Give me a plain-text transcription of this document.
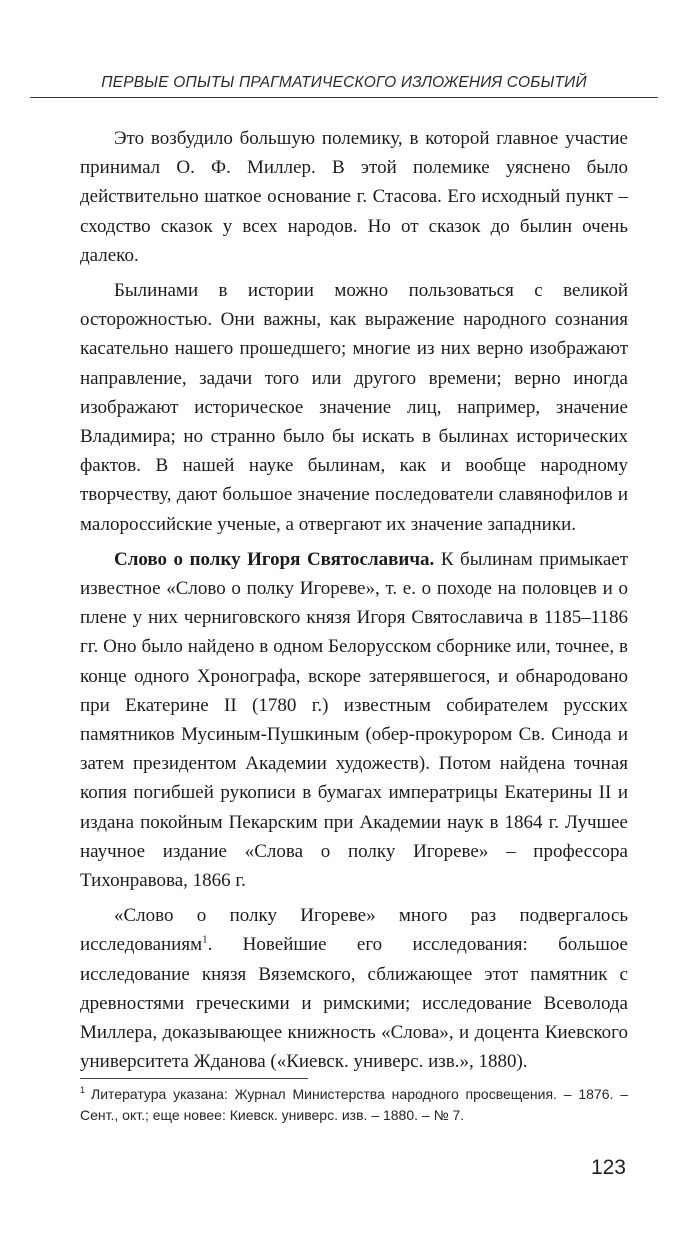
ПЕРВЫЕ ОПЫТЫ ПРАГМАТИЧЕСКОГО ИЗЛОЖЕНИЯ СОБЫТИЙ

Это возбудило большую полемику, в которой главное участие принимал О. Ф. Миллер. В этой полемике уяснено было действительно шаткое основание г. Стасова. Его исходный пункт – сходство сказок у всех народов. Но от сказок до былин очень далеко.

Былинами в истории можно пользоваться с великой осторожностью. Они важны, как выражение народного сознания касательно нашего прошедшего; многие из них верно изображают направление, задачи того или другого времени; верно иногда изображают историческое значение лиц, например, значение Владимира; но странно было бы искать в былинах исторических фактов. В нашей науке былинам, как и вообще народному творчеству, дают большое значение последователи славянофилов и малороссийские ученые, а отвергают их значение западники.

Слово о полку Игоря Святославича. К былинам примыкает известное «Слово о полку Игореве», т. е. о походе на половцев и о плене у них черниговского князя Игоря Святославича в 1185–1186 гг. Оно было найдено в одном Белорусском сборнике или, точнее, в конце одного Хронографа, вскоре затерявшегося, и обнародовано при Екатерине II (1780 г.) известным собирателем русских памятников Мусиным-Пушкиным (обер-прокурором Св. Синода и затем президентом Академии художеств). Потом найдена точная копия погибшей рукописи в бумагах императрицы Екатерины II и издана покойным Пекарским при Академии наук в 1864 г. Лучшее научное издание «Слова о полку Игореве» – профессора Тихонравова, 1866 г.

«Слово о полку Игореве» много раз подвергалось исследованиям$^1$. Новейшие его исследования: большое исследование князя Вяземского, сближающее этот памятник с древностями греческими и римскими; исследование Всеволода Миллера, доказывающее книжность «Слова», и доцента Киевского университета Жданова («Киевск. универс. изв.», 1880).

$^1$ Литература указана: Журнал Министерства народного просвещения. – 1876. – Сент., окт.; еще новее: Киевск. универс. изв. – 1880. – № 7.
123
